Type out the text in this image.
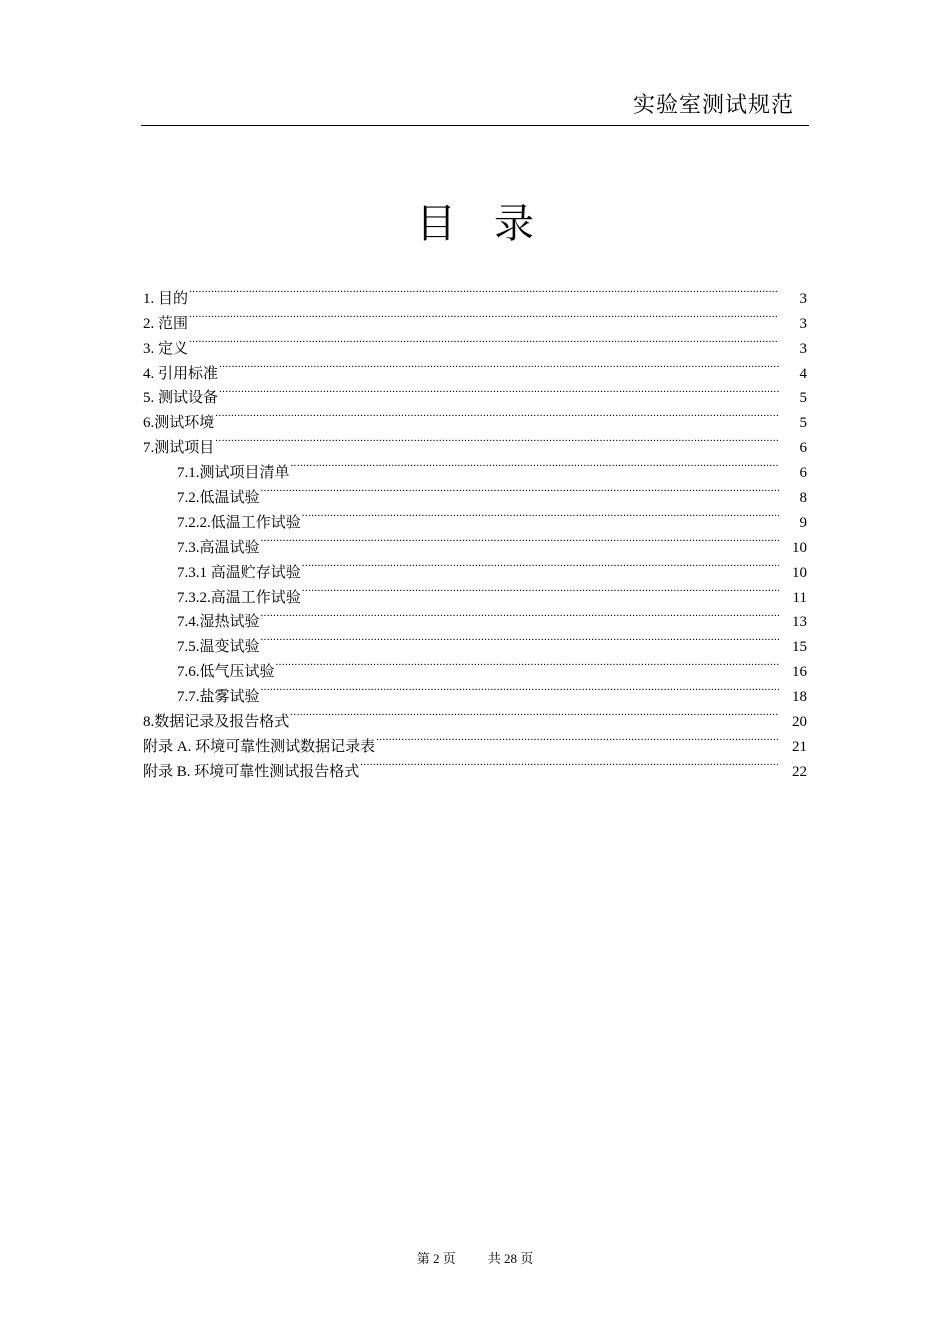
实验室测试规范
目 录
1. 目的 .....	3
2. 范围 .....	3
3. 定义 .....	3
4. 引用标准 .....	4
5. 测试设备 .....	5
6.测试环境 .....	5
7.测试项目 .....	6
7.1.测试项目清单 .....	6
7.2.低温试验 .....	8
7.2.2.低温工作试验 .....	9
7.3.高温试验 .....	10
7.3.1 高温贮存试验 .....	10
7.3.2.高温工作试验 .....	11
7.4.湿热试验 .....	13
7.5.温变试验 .....	15
7.6.低气压试验 .....	16
7.7.盐雾试验 .....	18
8.数据记录及报告格式 .....	20
附录 A. 环境可靠性测试数据记录表 .....	21
附录 B. 环境可靠性测试报告格式 .....	22
第 2 页 共 28 页
